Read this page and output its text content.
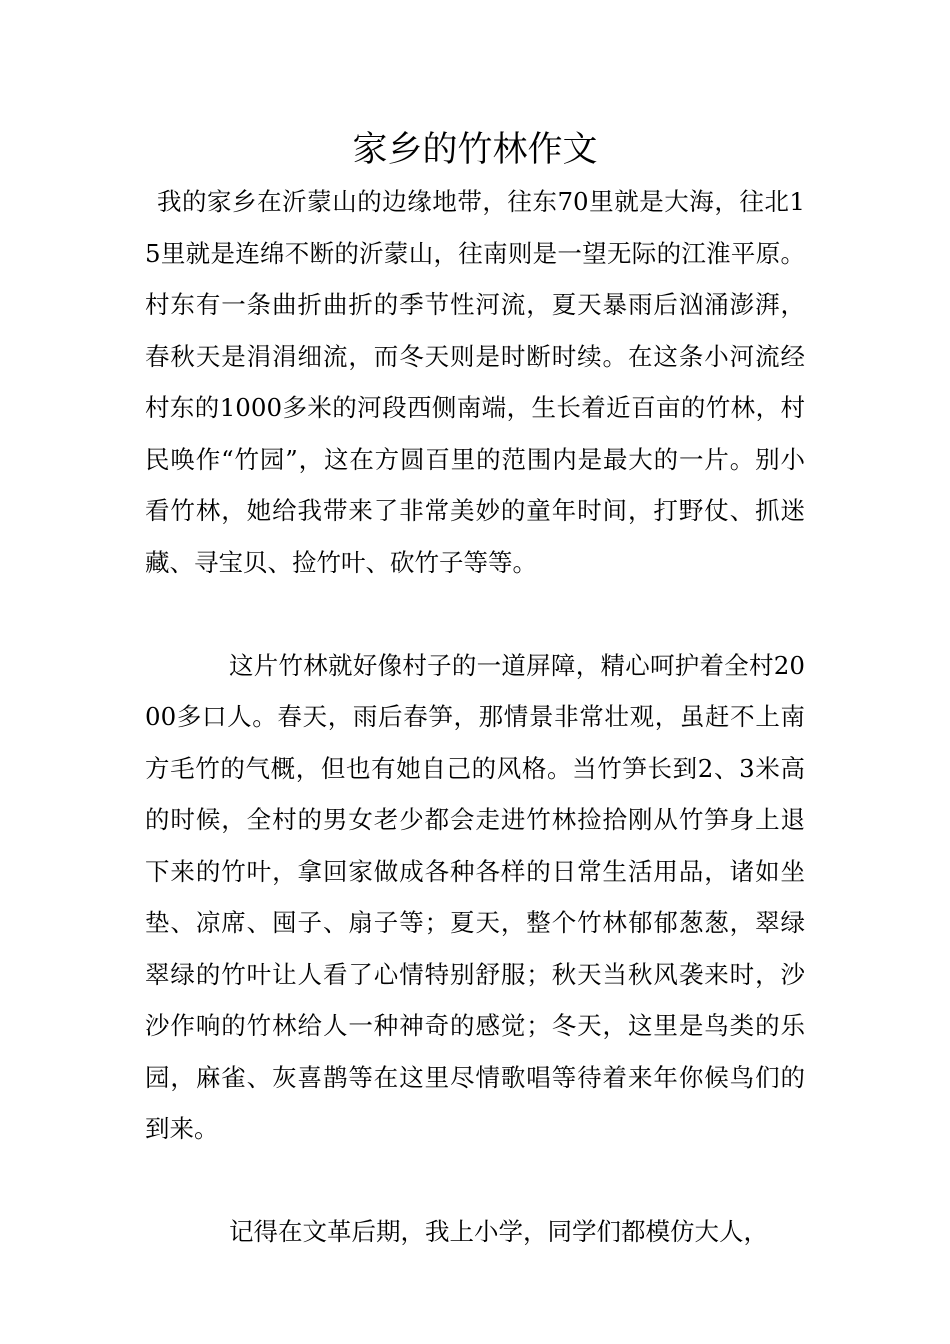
家乡的竹林作文

我的家乡在沂蒙山的边缘地带，往东70里就是大海，往北15里就是连绵不断的沂蒙山，往南则是一望无际的江淮平原。村东有一条曲折曲折的季节性河流，夏天暴雨后汹涌澎湃，春秋天是涓涓细流，而冬天则是时断时续。在这条小河流经村东的1000多米的河段西侧南端，生长着近百亩的竹林，村民唤作“竹园”，这在方圆百里的范围内是最大的一片。别小看竹林，她给我带来了非常美妙的童年时间，打野仗、抓迷藏、寻宝贝、捡竹叶、砍竹子等等。

这片竹林就好像村子的一道屏障，精心呵护着全村2000多口人。春天，雨后春笋，那情景非常壮观，虽赶不上南方毛竹的气概，但也有她自己的风格。当竹笋长到2、3米高的时候，全村的男女老少都会走进竹林捡拾刚从竹笋身上退下来的竹叶，拿回家做成各种各样的日常生活用品，诸如坐垫、凉席、囤子、扇子等；夏天，整个竹林郁郁葱葱，翠绿翠绿的竹叶让人看了心情特别舒服；秋天当秋风袭来时，沙沙作响的竹林给人一种神奇的感觉；冬天，这里是鸟类的乐园，麻雀、灰喜鹊等在这里尽情歌唱等待着来年你候鸟们的到来。

记得在文革后期，我上小学，同学们都模仿大人，
